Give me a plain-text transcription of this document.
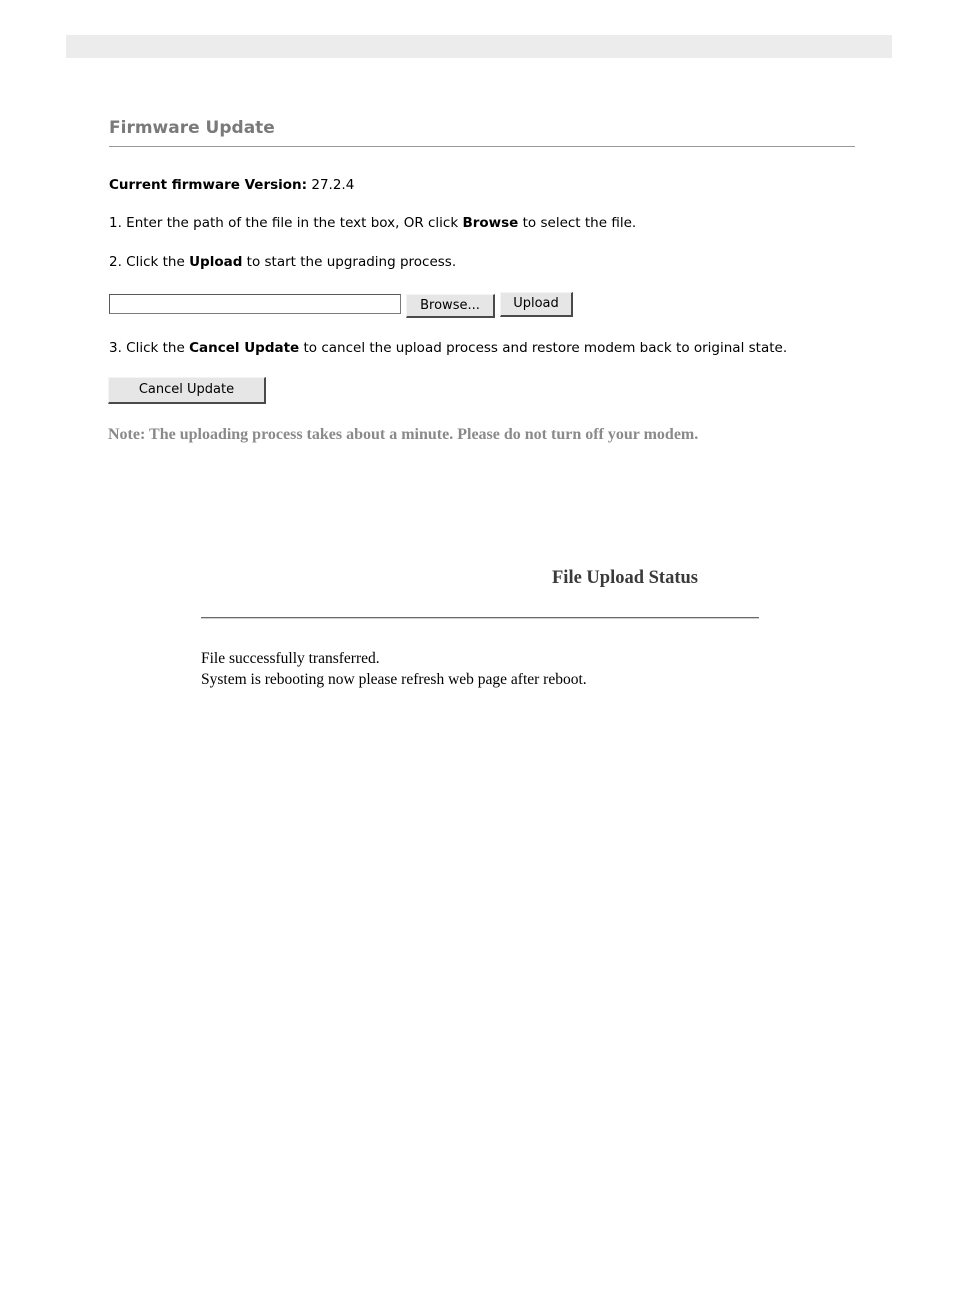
Firmware Update
Current firmware Version: 27.2.4
1. Enter the path of the file in the text box, OR click Browse to select the file.
2. Click the Upload to start the upgrading process.
Browse...	Upload
3. Click the Cancel Update to cancel the upload process and restore modem back to original state.
Cancel Update
Note: The uploading process takes about a minute. Please do not turn off your modem.
File Upload Status
File successfully transferred.
System is rebooting now please refresh web page after reboot.
